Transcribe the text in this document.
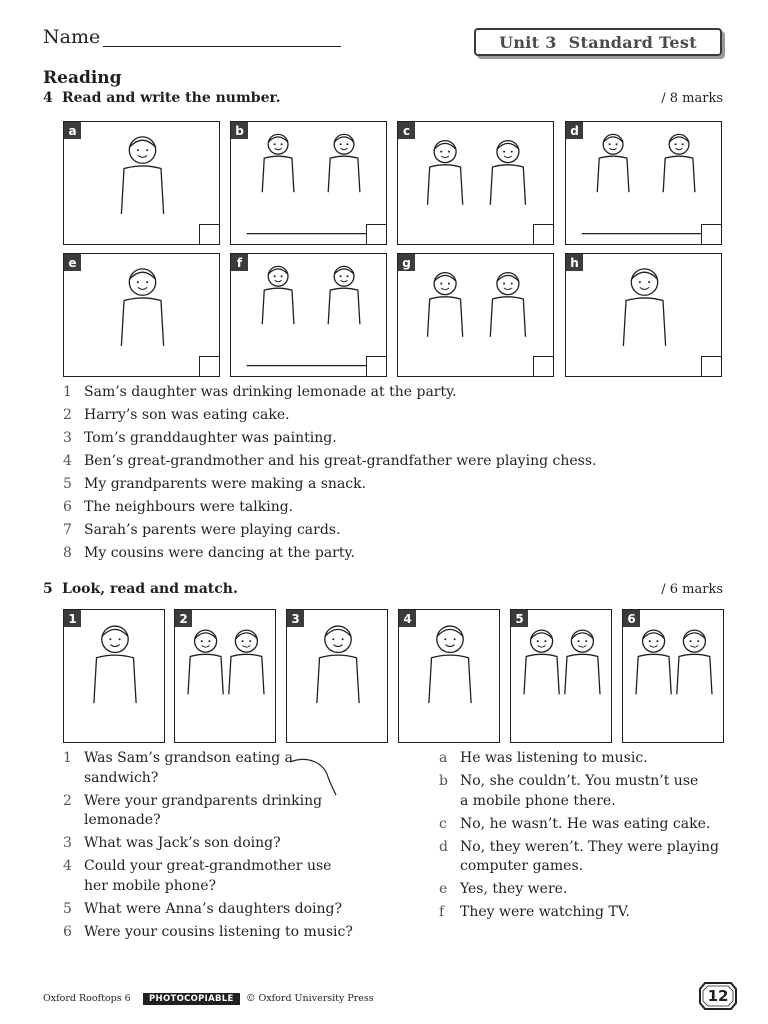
Name	Unit 3 Standard Test
Reading
4 Read and write the number.	/ 8 marks
a	b	c	d
e	f	g	h
1 Sam’s daughter was drinking lemonade at the party.
2 Harry’s son was eating cake.
3 Tom’s granddaughter was painting.
4 Ben’s great-grandmother and his great-grandfather were playing chess.
5 My grandparents were making a snack.
6 The neighbours were talking.
7 Sarah’s parents were playing cards.
8 My cousins were dancing at the party.
5 Look, read and match.	/ 6 marks
1	2	3	4	5	6
1 Was Sam’s grandson eating a
sandwich?
2 Were your grandparents drinking
lemonade?
3 What was Jack’s son doing?
4 Could your great-grandmother use
her mobile phone?
5 What were Anna’s daughters doing?
6 Were your cousins listening to music?
a He was listening to music.
b No, she couldn’t. You mustn’t use
a mobile phone there.
c No, he wasn’t. He was eating cake.
d No, they weren’t. They were playing
computer games.
e Yes, they were.
f	They were watching TV.
Oxford Rooftops 6	PHOTOCOPIABLE	© Oxford University Press	12
